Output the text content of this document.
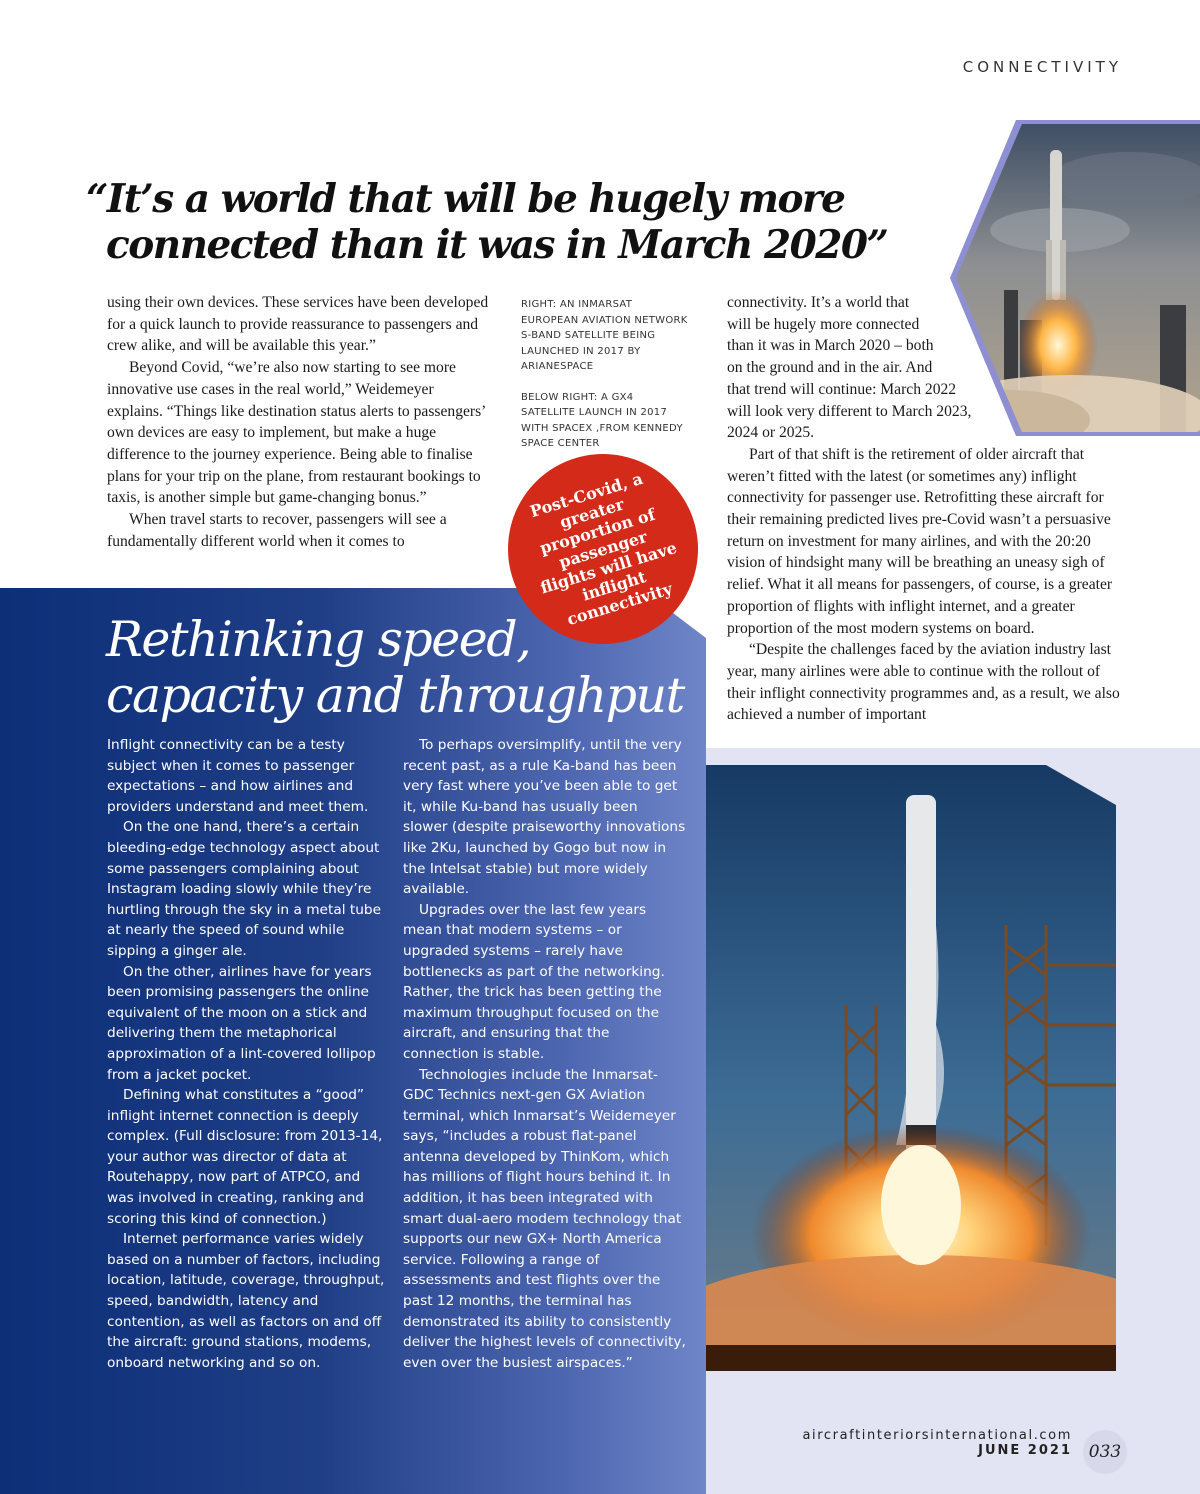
CONNECTIVITY

“It’s a world that will be hugely more

connected than it was in March 2020”

using their own devices. These services have been developed for a quick launch to provide reassurance to passengers and crew alike, and will be available this year.”

Beyond Covid, “we’re also now starting to see more innovative use cases in the real world,” Weidemeyer explains. “Things like destination status alerts to passengers’ own devices are easy to implement, but make a huge difference to the journey experience. Being able to finalise plans for your trip on the plane, from restaurant bookings to taxis, is another simple but game-changing bonus.”

When travel starts to recover, passengers will see a fundamentally different world when it comes to

RIGHT: AN INMARSAT EUROPEAN AVIATION NETWORK S-BAND SATELLITE BEING LAUNCHED IN 2017 BY ARIANESPACE

BELOW RIGHT: A GX4 SATELLITE LAUNCH IN 2017 WITH SPACEX ,FROM KENNEDY SPACE CENTER

connectivity. It’s a world that
will be hugely more connected
than it was in March 2020 – both
on the ground and in the air. And
that trend will continue: March 2022
will look very different to March 2023,
2024 or 2025.

Part of that shift is the retirement of older aircraft that weren’t fitted with the latest (or sometimes any) inflight connectivity for passenger use. Retrofitting these aircraft for their remaining predicted lives pre-Covid wasn’t a persuasive return on investment for many airlines, and with the 20:20 vision of hindsight many will be breathing an uneasy sigh of relief. What it all means for passengers, of course, is a greater proportion of flights with inflight internet, and a greater proportion of the most modern systems on board.

“Despite the challenges faced by the aviation industry last year, many airlines were able to continue with the rollout of their inflight connectivity programmes and, as a result, we also achieved a number of important

Rethinking speed,

capacity and throughput

Inflight connectivity can be a testy subject when it comes to passenger expectations – and how airlines and providers understand and meet them.

On the one hand, there’s a certain bleeding-edge technology aspect about some passengers complaining about Instagram loading slowly while they’re hurtling through the sky in a metal tube at nearly the speed of sound while sipping a ginger ale.

On the other, airlines have for years been promising passengers the online equivalent of the moon on a stick and delivering them the metaphorical approximation of a lint-covered lollipop from a jacket pocket.

Defining what constitutes a “good” inflight internet connection is deeply complex. (Full disclosure: from 2013-14, your author was director of data at Routehappy, now part of ATPCO, and was involved in creating, ranking and scoring this kind of connection.)

Internet performance varies widely based on a number of factors, including location, latitude, coverage, throughput, speed, bandwidth, latency and contention, as well as factors on and off the aircraft: ground stations, modems, onboard networking and so on.

To perhaps oversimplify, until the very recent past, as a rule Ka-band has been very fast where you’ve been able to get it, while Ku-band has usually been slower (despite praiseworthy innovations like 2Ku, launched by Gogo but now in the Intelsat stable) but more widely available.

Upgrades over the last few years mean that modern systems – or upgraded systems – rarely have bottlenecks as part of the networking. Rather, the trick has been getting the maximum throughput focused on the aircraft, and ensuring that the connection is stable.

Technologies include the Inmarsat-GDC Technics next-gen GX Aviation terminal, which Inmarsat’s Weidemeyer says, “includes a robust flat-panel antenna developed by ThinKom, which has millions of flight hours behind it. In addition, it has been integrated with smart dual-aero modem technology that supports our new GX+ North America service. Following a range of assessments and test flights over the past 12 months, the terminal has demonstrated its ability to consistently deliver the highest levels of connectivity, even over the busiest airspaces.”

Post-Covid, a greater proportion of passenger flights will have inflight connectivity
aircraftinteriorsinternational.com
JUNE 2021 033
